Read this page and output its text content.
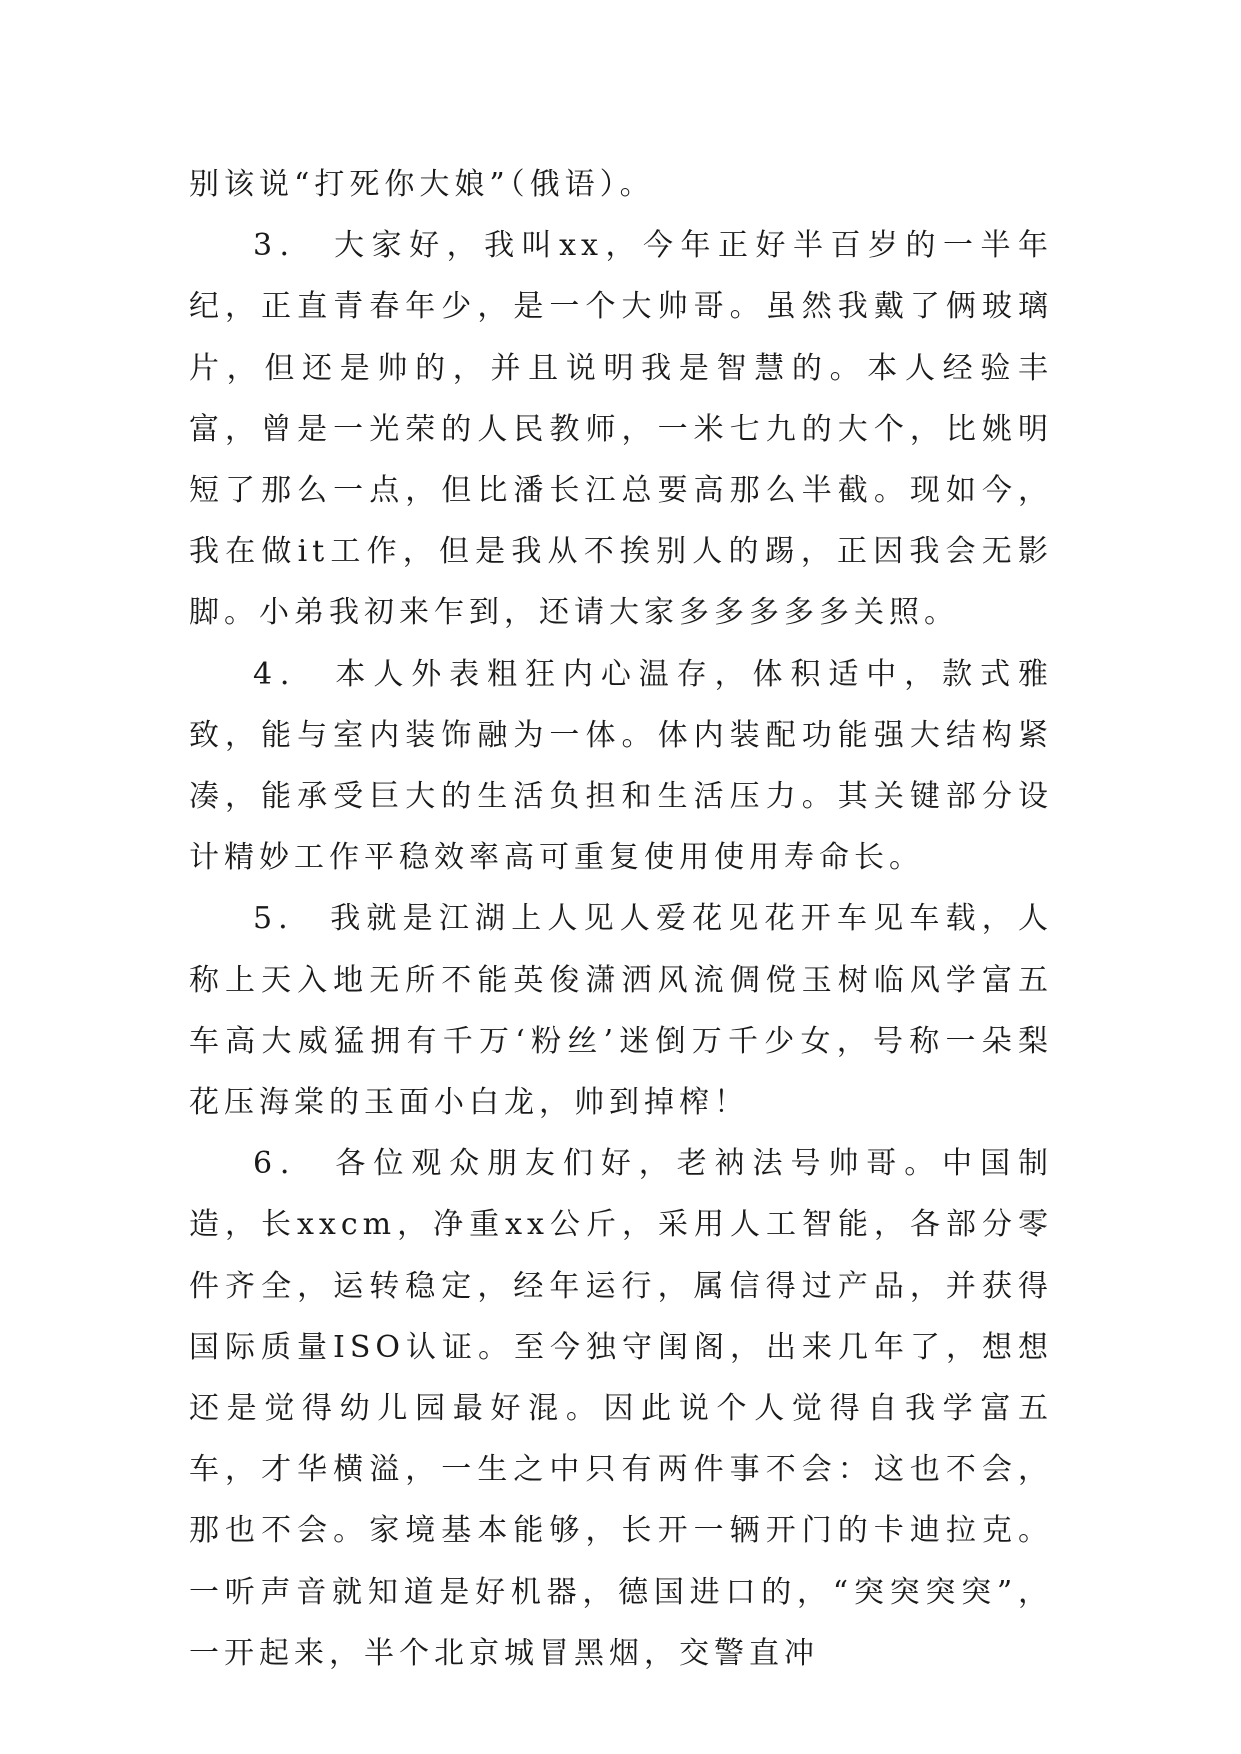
别该说“打死你大娘”（俄语）。

3． 大家好，我叫xx，今年正好半百岁的一半年纪，正直青春年少，是一个大帅哥。虽然我戴了俩玻璃片，但还是帅的，并且说明我是智慧的。本人经验丰富，曾是一光荣的人民教师，一米七九的大个，比姚明短了那么一点，但比潘长江总要高那么半截。现如今，我在做it工作，但是我从不挨别人的踢，正因我会无影脚。小弟我初来乍到，还请大家多多多多多关照。

4． 本人外表粗狂内心温存，体积适中，款式雅致，能与室内装饰融为一体。体内装配功能强大结构紧凑，能承受巨大的生活负担和生活压力。其关键部分设计精妙工作平稳效率高可重复使用使用寿命长。

5． 我就是江湖上人见人爱花见花开车见车载，人称上天入地无所不能英俊潇洒风流倜傥玉树临风学富五车高大威猛拥有千万‘粉丝’迷倒万千少女，号称一朵梨花压海棠的玉面小白龙，帅到掉榨！

6． 各位观众朋友们好，老衲法号帅哥。中国制造，长xxcm，净重xx公斤，采用人工智能，各部分零件齐全，运转稳定，经年运行，属信得过产品，并获得国际质量ISO认证。至今独守闺阁，出来几年了，想想还是觉得幼儿园最好混。因此说个人觉得自我学富五车，才华横溢，一生之中只有两件事不会：这也不会，那也不会。家境基本能够，长开一辆开门的卡迪拉克。一听声音就知道是好机器，德国进口的，“突突突突”，一开起来，半个北京城冒黑烟，交警直冲
